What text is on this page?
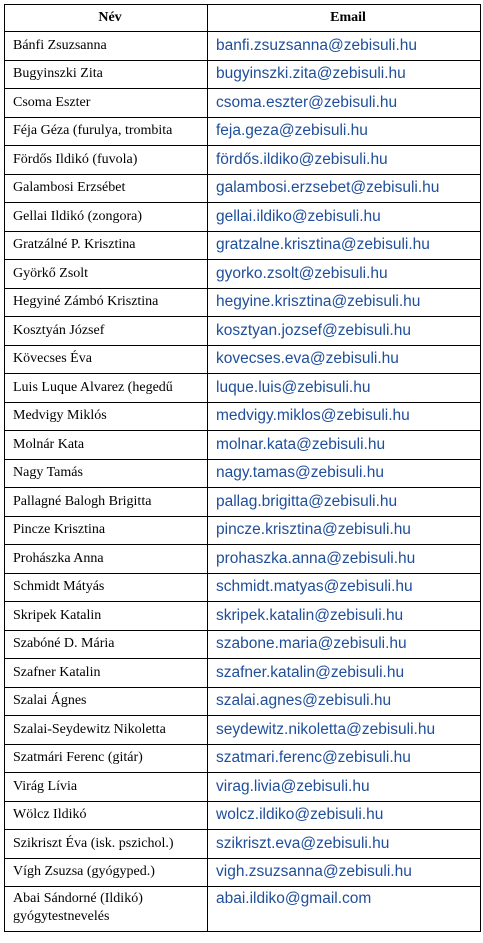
Név	Email
Bánfi Zsuzsanna	banfi.zsuzsanna@zebisuli.hu
Bugyinszki Zita	bugyinszki.zita@zebisuli.hu
Csoma Eszter	csoma.eszter@zebisuli.hu
Féja Géza (furulya, trombita	feja.geza@zebisuli.hu
Fördős Ildikó (fuvola)	fördős.ildiko@zebisuli.hu
Galambosi Erzsébet	galambosi.erzsebet@zebisuli.hu
Gellai Ildikó (zongora)	gellai.ildiko@zebisuli.hu
Gratzálné P. Krisztina	gratzalne.krisztina@zebisuli.hu
Györkő Zsolt	gyorko.zsolt@zebisuli.hu
Hegyiné Zámbó Krisztina	hegyine.krisztina@zebisuli.hu
Kosztyán József	kosztyan.jozsef@zebisuli.hu
Kövecses Éva	kovecses.eva@zebisuli.hu
Luis Luque Alvarez (hegedű	luque.luis@zebisuli.hu
Medvigy Miklós	medvigy.miklos@zebisuli.hu
Molnár Kata	molnar.kata@zebisuli.hu
Nagy Tamás	nagy.tamas@zebisuli.hu
Pallagné Balogh Brigitta	pallag.brigitta@zebisuli.hu
Pincze Krisztina	pincze.krisztina@zebisuli.hu
Prohászka Anna	prohaszka.anna@zebisuli.hu
Schmidt Mátyás	schmidt.matyas@zebisuli.hu
Skripek Katalin	skripek.katalin@zebisuli.hu
Szabóné D. Mária	szabone.maria@zebisuli.hu
Szafner Katalin	szafner.katalin@zebisuli.hu
Szalai Ágnes	szalai.agnes@zebisuli.hu
Szalai-Seydewitz Nikoletta	seydewitz.nikoletta@zebisuli.hu
Szatmári Ferenc (gitár)	szatmari.ferenc@zebisuli.hu
Virág Lívia	virag.livia@zebisuli.hu
Wölcz Ildikó	wolcz.ildiko@zebisuli.hu
Szikriszt Éva (isk. pszichol.)	szikriszt.eva@zebisuli.hu
Vígh Zsuzsa (gyógyped.)	vigh.zsuzsanna@zebisuli.hu
Abai Sándorné (Ildikó) gyógytestnevelés	abai.ildiko@gmail.com
